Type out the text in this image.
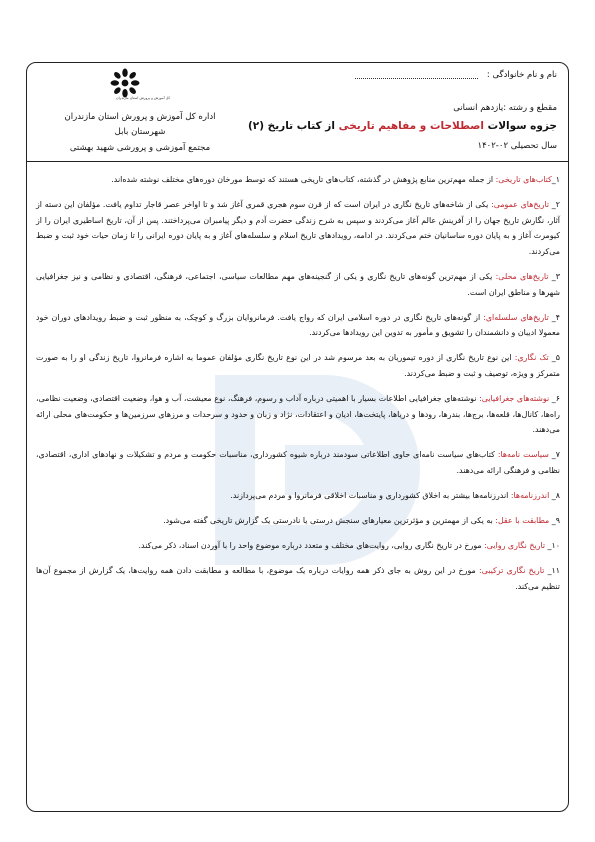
نام و نام خانوادگی :
مقطع و رشته :یازدهم انسانی
جزوه سوالات اصطلاحات و مفاهیم تاریخی از کتاب تاریخ (۲)
سال تحصیلی ۰۲-۱۴۰۲
کل آموزش و پرورش استان مازندران
اداره کل آموزش و پرورش استان مازندران
شهرستان بابل
مجتمع آموزشی و پرورشی شهید بهشتی

۱_کتاب‌های تاریخی: از جمله مهم‌ترین منابع پژوهش در گذشته، کتاب‌های تاریخی هستند که توسط مورخان دوره‌های مختلف نوشته شده‌اند.

۲_ تاریخ‌های عمومی: یکی از شاخه‌های تاریخ نگاری در ایران است که از قرن سوم هجری قمری آغاز شد و تا اواخر عصر قاجار تداوم یافت. مؤلفان این دسته از آثار، نگارش تاریخ جهان را از آفرینش عالم آغاز می‌کردند و سپس به شرح زندگی حضرت آدم و دیگر پیامبران می‌پرداختند. پس از آن، تاریخ اساطیری ایران را از کیومرث آغاز و به پایان دوره ساسانیان ختم می‌کردند. در ادامه، رویدادهای تاریخ اسلام و سلسله‌های آغاز و به پایان دوره ایرانی را تا زمان حیات خود ثبت و ضبط می‌کردند.

۳_ تاریخ‌های محلی: یکی از مهم‌ترین گونه‌های تاریخ نگاری و یکی از گنجینه‌های مهم مطالعات سیاسی، اجتماعی، فرهنگی، اقتصادی و نظامی و نیز جغرافیایی شهرها و مناطق ایران است.

۴_ تاریخ‌های سلسله‌ای: از گونه‌های تاریخ نگاری در دوره اسلامی ایران که رواج یافت. فرمانروایان بزرگ و کوچک، به منظور ثبت و ضبط رویدادهای دوران خود معمولا ادیبان و دانشمندان را تشویق و مأمور به تدوین این رویدادها می‌کردند.

۵_ تک نگاری: این نوع تاریخ نگاری از دوره تیموریان به بعد مرسوم شد در این نوع تاریخ نگاری مؤلفان عموما به اشاره فرمانروا، تاریخ زندگی او را به صورت متمرکز و ویژه، توصیف و ثبت و ضبط می‌کردند.

۶_ نوشته‌های جغرافیایی: نوشته‌های جغرافیایی اطلاعات بسیار با اهمیتی درباره آداب و رسوم، فرهنگ، نوع معیشت، آب و هوا، وضعیت اقتصادی، وضعیت نظامی، راه‌ها، کانال‌ها، قلعه‌ها، برج‌ها، بندرها، رودها و دریاها، پایتخت‌ها، ادیان و اعتقادات، نژاد و زبان و حدود و سرحدات و مرزهای سرزمین‌ها و حکومت‌های محلی ارائه می‌دهند.

۷_ سیاست نامه‌ها: کتاب‌های سیاست نامه‌ای حاوی اطلاعاتی سودمند درباره شیوه کشورداری، مناسبات حکومت و مردم و تشکیلات و نهادهای اداری، اقتصادی، نظامی و فرهنگی ارائه می‌دهند.

۸_ اندرزنامه‌ها: اندرزنامه‌ها بیشتر به اخلاق کشورداری و مناسبات اخلاقی فرمانروا و مردم می‌پردازند.

۹_ مطابقت با عقل: به یکی از مهمترین و مؤثرترین معیارهای سنجش درستی یا نادرستی یک گزارش تاریخی گفته می‌شود.

۱۰_ تاریخ نگاری روایی: مورخ در تاریخ نگاری روایی، روایت‌های مختلف و متعدد درباره موضوع واحد را با آوردن اسناد، ذکر می‌کند.

۱۱_ تاریخ نگاری ترکیبی: مورخ در این روش به جای ذکر همه روایات درباره یک موضوع، با مطالعه و مطابقت دادن همه روایت‌ها، یک گزارش از مجموع آن‌ها تنظیم می‌کند.
